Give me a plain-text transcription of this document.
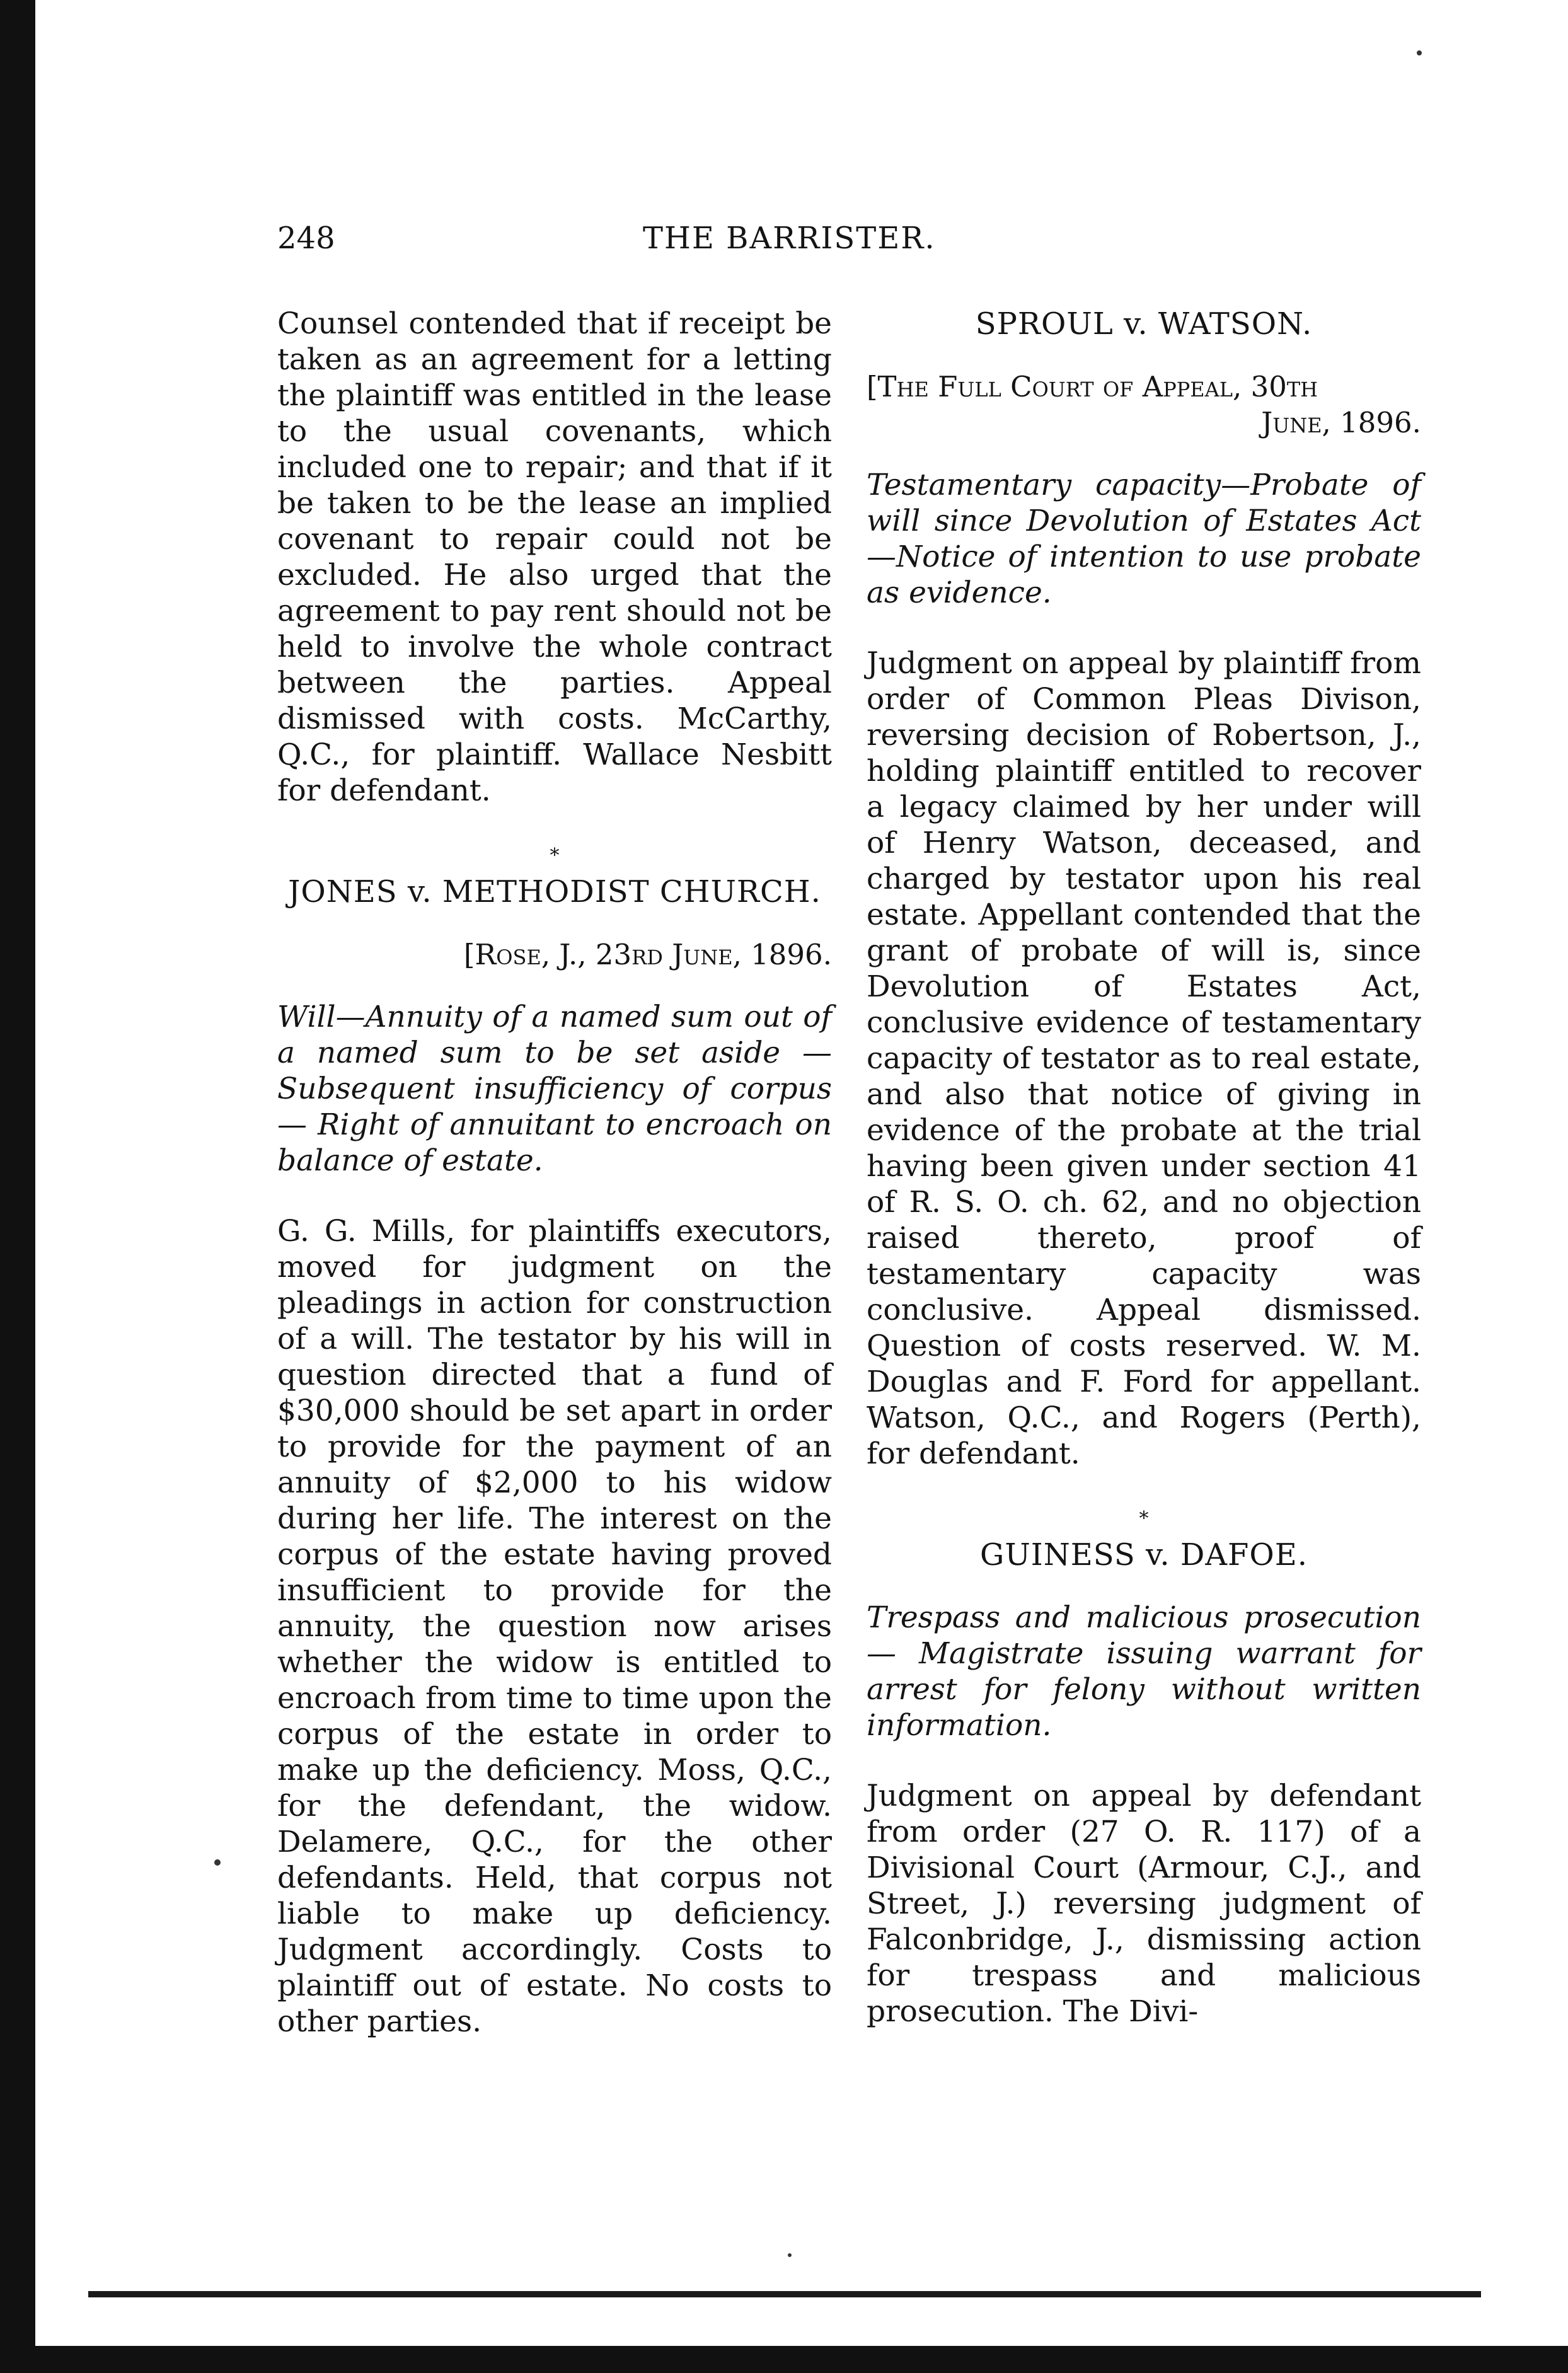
248	THE BARRISTER.

Counsel contended that if receipt be taken as an agreement for a letting the plaintiff was entitled in the lease to the usual covenants, which included one to repair; and that if it be taken to be the lease an implied covenant to repair could not be excluded. He also urged that the agreement to pay rent should not be held to involve the whole contract between the parties. Appeal dismissed with costs. McCarthy, Q.C., for plaintiff. Wallace Nesbitt for defendant.

*
JONES v. METHODIST CHURCH.
[Rose, J., 23rd June, 1896.
Will—Annuity of a named sum out of a named sum to be set aside — Subsequent insufficiency of corpus — Right of annuitant to encroach on balance of estate.

G. G. Mills, for plaintiffs executors, moved for judgment on the pleadings in action for construction of a will. The testator by his will in question directed that a fund of $30,000 should be set apart in order to provide for the payment of an annuity of $2,000 to his widow during her life. The interest on the corpus of the estate having proved insufficient to provide for the annuity, the question now arises whether the widow is entitled to encroach from time to time upon the corpus of the estate in order to make up the deficiency. Moss, Q.C., for the defendant, the widow. Delamere, Q.C., for the other defendants. Held, that corpus not liable to make up deficiency. Judgment accordingly. Costs to plaintiff out of estate. No costs to other parties.

SPROUL v. WATSON.
[The Full Court of Appeal, 30th
June, 1896.
Testamentary capacity—Probate of will since Devolution of Estates Act—Notice of intention to use probate as evidence.

Judgment on appeal by plaintiff from order of Common Pleas Divison, reversing decision of Robertson, J., holding plaintiff entitled to recover a legacy claimed by her under will of Henry Watson, deceased, and charged by testator upon his real estate. Appellant contended that the grant of probate of will is, since Devolution of Estates Act, conclusive evidence of testamentary capacity of testator as to real estate, and also that notice of giving in evidence of the probate at the trial having been given under section 41 of R. S. O. ch. 62, and no objection raised thereto, proof of testamentary capacity was conclusive. Appeal dismissed. Question of costs reserved. W. M. Douglas and F. Ford for appellant. Watson, Q.C., and Rogers (Perth), for defendant.

*
GUINESS v. DAFOE.
Trespass and malicious prosecution — Magistrate issuing warrant for arrest for felony without written information.

Judgment on appeal by defendant from order (27 O. R. 117) of a Divisional Court (Armour, C.J., and Street, J.) reversing judgment of Falconbridge, J., dismissing action for trespass and malicious prosecution. The Divi-
